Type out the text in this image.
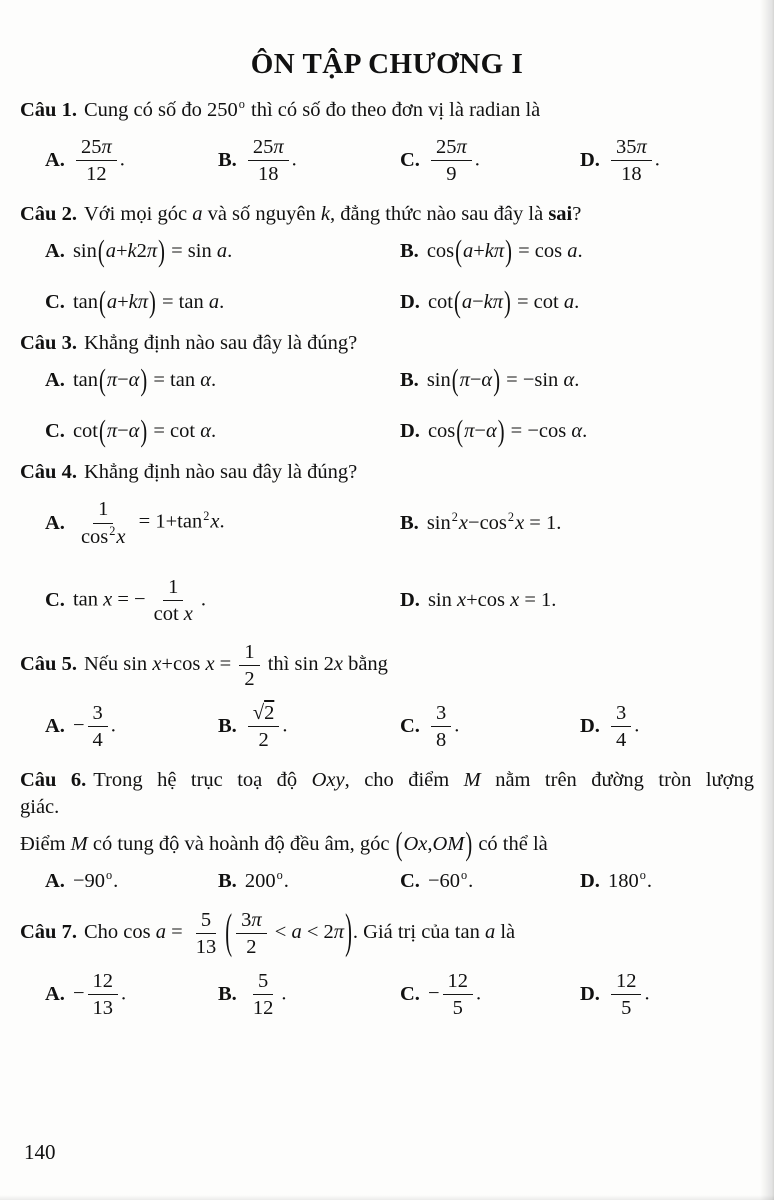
ÔN TẬP CHƯƠNG I

Câu 1. Cung có số đo 250$^o$ thì có số đo theo đơn vị là radian là

A. $\frac{25\pi}{12}$ .	B. $\frac{25\pi}{18}$ .	C. $\frac{25\pi}{9}$ .	D. $\frac{35\pi}{18}$ .

Câu 2. Với mọi góc a và số nguyên k, đẳng thức nào sau đây là sai?

A. sin(a+k2π) = sin a.	B. cos(a+kπ) = cos a.
C. tan(a+kπ) = tan a.	D. cot(a−kπ) = cot a.

Câu 3. Khẳng định nào sau đây là đúng?

A. tan(π−α) = tan α.	B. sin(π−α) = −sin α.
C. cot(π−α) = cot α.	D. cos(π−α) = −cos α.

Câu 4. Khẳng định nào sau đây là đúng?

A. $\frac{1}{\cos^2x} = 1+\tan^2x$.	B. $\sin^2x-\cos^2x = 1$.
C. tan x = − $\frac{1}{\text{cot x}}$ .	D. sin x+cos x = 1.

Câu 5. Nếu sin x+cos $x = \frac{1}{2}$ thì sin 2x bằng

A. − $\frac{3}{4}$ .	B. $\frac{√2}{2}$ .	C. $\frac{3}{8}$ .	D. $\frac{3}{4}$ .

Câu 6. Trong hệ trục toạ độ Oxy, cho điểm M nằm trên đường tròn lượng giác.

Điểm M có tung độ và hoành độ đều âm, góc (Ox,OM) có thể là

A. $-90^o$.	B. 200$^o$.	C. $-60^o$.	D. 180$^o$.

Câu 7. Cho $\cos a = \frac{5}{13}$ ( $\frac{3\pi}{2} < a < 2\pi$). Giá trị của tan a là

A. − $\frac{12}{13}$ .	B. $\frac{5}{12}$ .	C. − $\frac{12}{5}$ .	D. $\frac{12}{5}$ .
140
